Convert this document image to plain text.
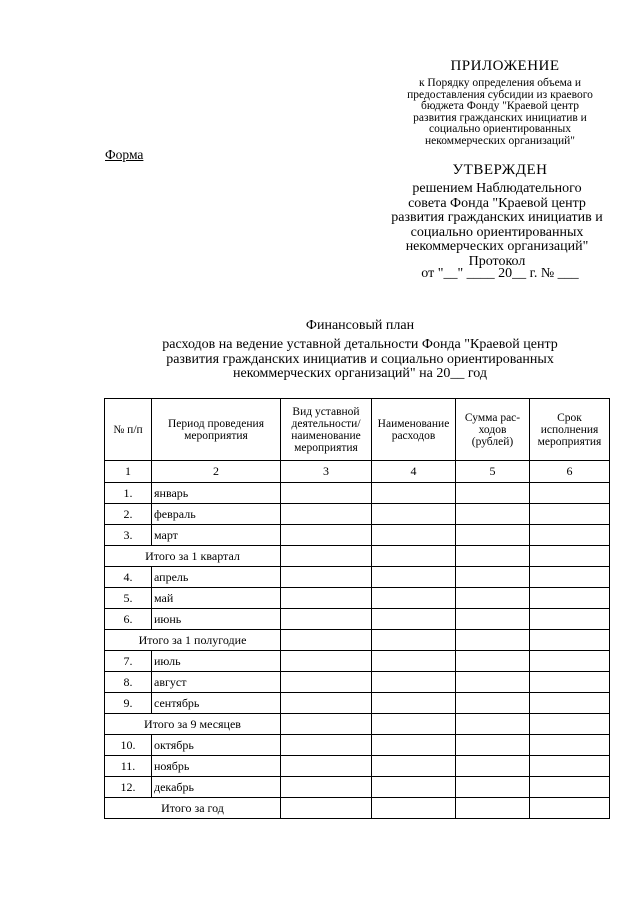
ПРИЛОЖЕНИЕ
к Порядку определения объема и
предоставления субсидии из краевого
бюджета Фонду "Краевой центр
развития гражданских инициатив и
социально ориентированных
некоммерческих организаций"
Форма
УТВЕРЖДЕН
решением Наблюдательного
совета Фонда "Краевой центр
развития гражданских инициатив и
социально ориентированных
некоммерческих организаций"
Протокол
от "__" ____ 20__ г. № ___
Финансовый план
расходов на ведение уставной детальности Фонда "Краевой центр
развития гражданских инициатив и социально ориентированных
некоммерческих организаций" на 20__ год
№ п/п	Период проведения мероприятия	Вид уставной деятельности/ наименование мероприятия	Наименование расходов	Сумма рас-ходов (рублей)	Срок исполнения мероприятия
1	2	3	4	5	6
1.	январь				
2.	февраль				
3.	март				
Итого за 1 квартал					
4.	апрель				
5.	май				
6.	июнь				
Итого за 1 полугодие					
7.	июль				
8.	август				
9.	сентябрь				
Итого за 9 месяцев					
10.	октябрь				
11.	ноябрь				
12.	декабрь				
Итого за год					
